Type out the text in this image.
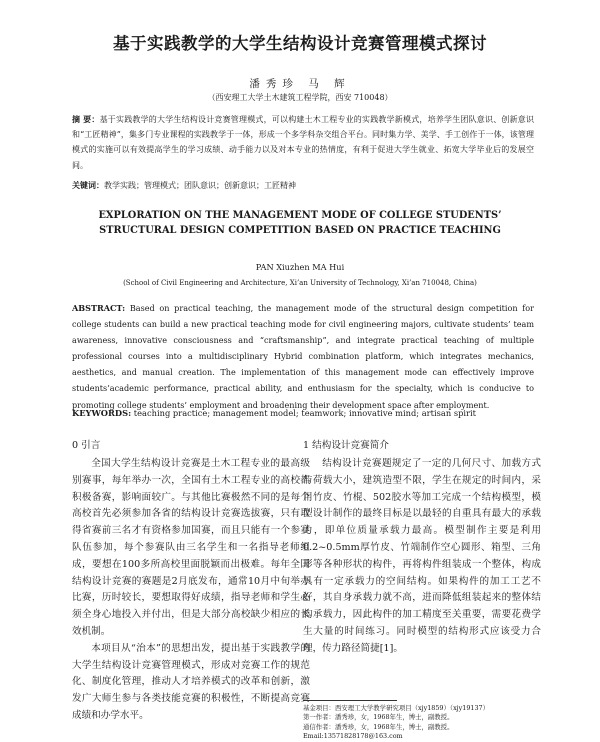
基于实践教学的大学生结构设计竞赛管理模式探讨
潘秀珍 马 辉
（西安理工大学土木建筑工程学院，西安 710048）
摘 要：基于实践教学的大学生结构设计竞赛管理模式，可以构建土木工程专业的实践教学新模式，培养学生团队意识、创新意识和“工匠精神”，集多门专业课程的实践教学于一体，形成一个多学科杂交组合平台。同时集力学、美学、手工创作于一体，该管理模式的实施可以有效提高学生的学习成绩、动手能力以及对本专业的热情度，有利于促进大学生就业、拓宽大学毕业后的发展空间。
关键词：教学实践；管理模式；团队意识；创新意识；工匠精神
EXPLORATION ON THE MANAGEMENT MODE OF COLLEGE STUDENTS’
STRUCTURAL DESIGN COMPETITION BASED ON PRACTICE TEACHING
PAN Xiuzhen MA Hui
(School of Civil Engineering and Architecture, Xi’an University of Technology, Xi’an 710048, China)
ABSTRACT: Based on practical teaching, the management mode of the structural design competition for college students can build a new practical teaching mode for civil engineering majors, cultivate students’ team awareness, innovative consciousness and “craftsmanship”, and integrate practical teaching of multiple professional courses into a multidisciplinary Hybrid combination platform, which integrates mechanics, aesthetics, and manual creation. The implementation of this management mode can effectively improve students’academic performance, practical ability, and enthusiasm for the specialty, which is conducive to promoting college students’ employment and broadening their development space after employment.
KEYWORDS: teaching practice; management model; teamwork; innovative mind; artisan spirit
0 引言

全国大学生结构设计竞赛是土木工程专业的最高级别赛事，每年举办一次，全国有土木工程专业的高校都积极备赛，影响面较广。与其他比赛极然不同的是每个高校首先必须参加各省的结构设计竞赛选拔赛，只有取得省赛前三名才有资格参加国赛，而且只能有一个参赛队伍参加，每个参赛队由三名学生和一名指导老师组成，要想在100多所高校里面脱颖而出极难。每年全国结构设计竞赛的赛题是2月底发布，通常10月中旬举办比赛，历时较长，要想取得好成绩，指导老师和学生必须全身心地投入并付出，但是大部分高校缺少相应的长效机制。

本项目从“治本”的思想出发，提出基于实践教学的大学生结构设计竞赛管理模式，形成对竞赛工作的规范化、制度化管理，推动人才培养模式的改革和创新，激发广大师生参与各类技能竞赛的积极性，不断提高竞赛成绩和办学水平。

1 结构设计竞赛简介

结构设计竞赛题规定了一定的几何尺寸、加载方式与荷载大小，建筑造型不限，学生在规定的时间内，采用竹皮、竹棍、502胶水等加工完成一个结构模型，模型设计制作的最终目标是以最轻的自重具有最大的承载力，即单位质量承载力最高。模型制作主要是利用0.2~0.5mm厚竹皮、竹端制作空心圆形、箱型、三角形等各种形状的构件，再将构件组装成一个整体，构成具有一定承载力的空间结构。如果构件的加工工艺不好，其自身承载力就不高，进而降低组装起来的整体结构承载力，因此构件的加工精度至关重要，需要花费学生大量的时间练习。同时模型的结构形式应该受力合理，传力路径简捷[1]。

基金项目：西安理工大学教学研究项目（xjy1859）（xjy19137）
第一作者：潘秀珍，女，1968年生，博士，副教授。
通信作者：潘秀珍，女，1968年生，博士，副教授。
Email:13571828178@163.com
